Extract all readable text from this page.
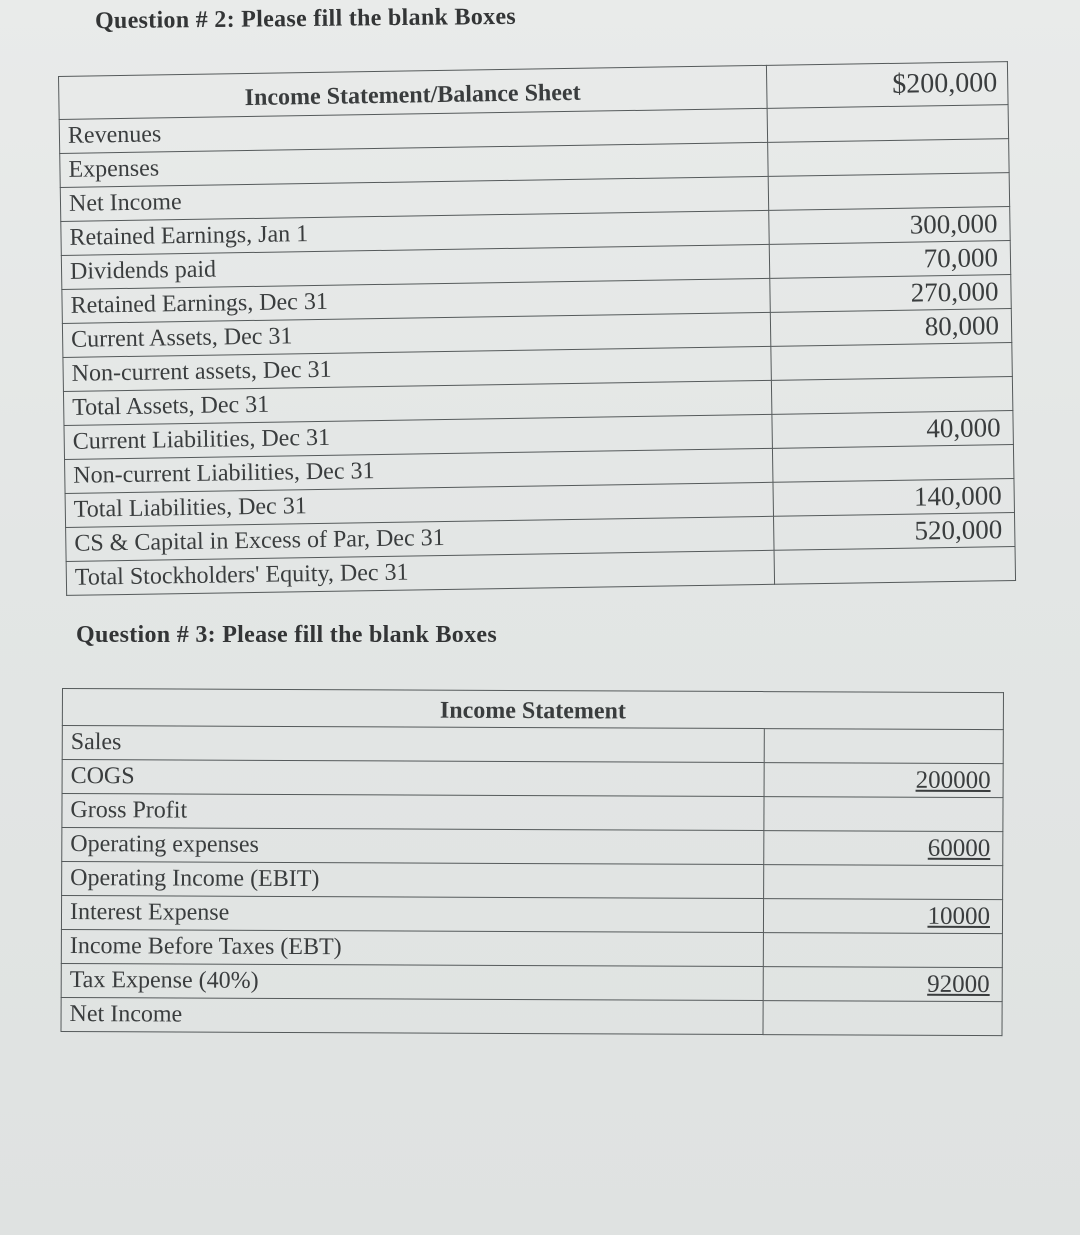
Question # 2: Please fill the blank Boxes
Income Statement/Balance Sheet	$200,000
Revenues	
Expenses	
Net Income	
Retained Earnings, Jan 1	300,000
Dividends paid	70,000
Retained Earnings, Dec 31	270,000
Current Assets, Dec 31	80,000
Non-current assets, Dec 31	
Total Assets, Dec 31	
Current Liabilities, Dec 31	40,000
Non-current Liabilities, Dec 31	
Total Liabilities, Dec 31	140,000
CS & Capital in Excess of Par, Dec 31	520,000
Total Stockholders' Equity, Dec 31	
Question # 3: Please fill the blank Boxes
Income Statement	
Sales	
COGS	200000
Gross Profit	
Operating expenses	60000
Operating Income (EBIT)	
Interest Expense	10000
Income Before Taxes (EBT)	
Tax Expense (40%)	92000
Net Income	
